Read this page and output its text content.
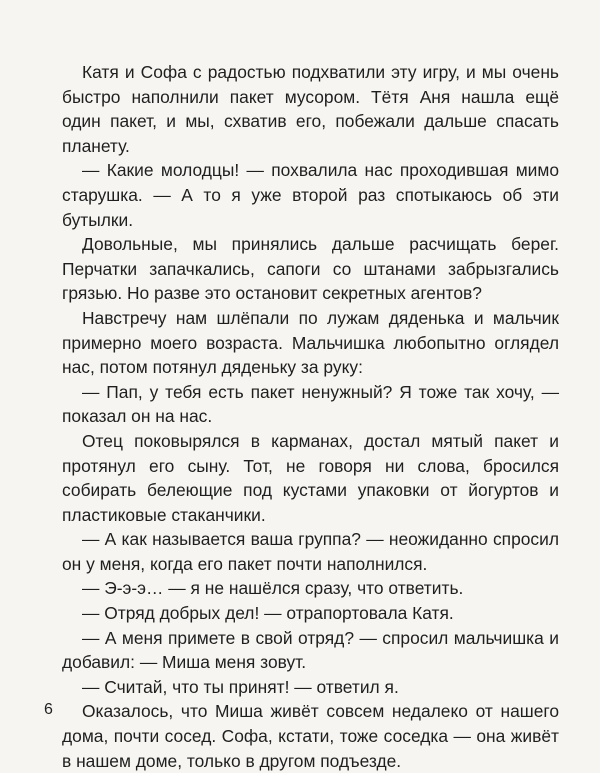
Катя и Софа с радостью подхватили эту игру, и мы очень быстро наполнили пакет мусором. Тётя Аня нашла ещё один пакет, и мы, схватив его, побежали дальше спасать планету.

— Какие молодцы! — похвалила нас проходившая мимо старушка. — А то я уже второй раз спотыкаюсь об эти бутылки.

Довольные, мы принялись дальше расчищать берег. Перчатки запачкались, сапоги со штанами забрызгались грязью. Но разве это остановит секретных агентов?

Навстречу нам шлёпали по лужам дяденька и мальчик примерно моего возраста. Мальчишка любопытно оглядел нас, потом потянул дяденьку за руку:

— Пап, у тебя есть пакет ненужный? Я тоже так хочу, — показал он на нас.

Отец поковырялся в карманах, достал мятый пакет и протянул его сыну. Тот, не говоря ни слова, бросился собирать белеющие под кустами упаковки от йогуртов и пластиковые стаканчики.

— А как называется ваша группа? — неожиданно спросил он у меня, когда его пакет почти наполнился.

— Э-э-э… — я не нашёлся сразу, что ответить.

— Отряд добрых дел! — отрапортовала Катя.

— А меня примете в свой отряд? — спросил мальчишка и добавил: — Миша меня зовут.

— Считай, что ты принят! — ответил я.

Оказалось, что Миша живёт совсем недалеко от нашего дома, почти сосед. Софа, кстати, тоже соседка — она живёт в нашем доме, только в другом подъезде.

6
